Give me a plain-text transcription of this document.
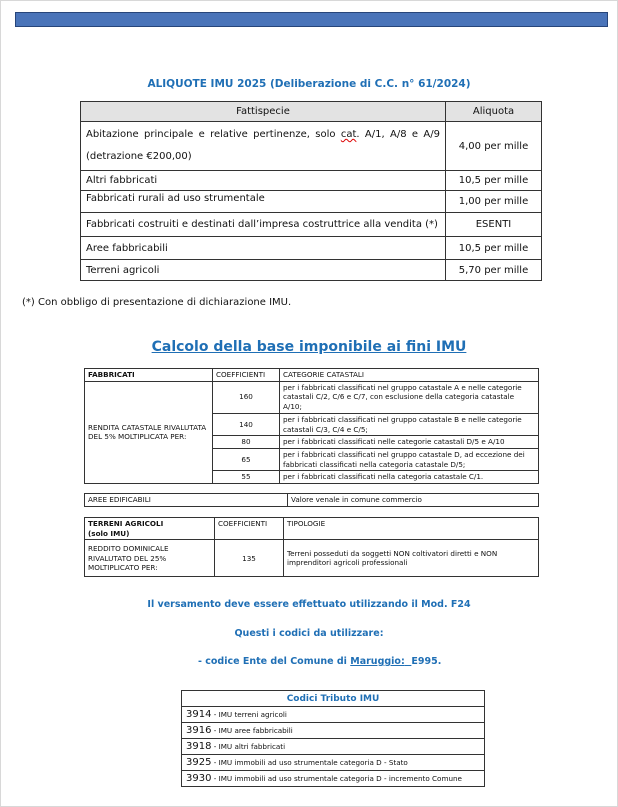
ALIQUOTE IMU 2025 (Deliberazione di C.C. n° 61/2024)
Fattispecie	Aliquota

Abitazione principale e relative pertinenze, solo cat. A/1, A/8 e A/9
(detrazione €200,00)
	4,00 per mille
Altri fabbricati	10,5 per mille
Fabbricati rurali ad uso strumentale	1,00 per mille
Fabbricati costruiti e destinati dall’impresa costruttrice alla vendita (*)	ESENTI
Aree fabbricabili	10,5 per mille
Terreni agricoli	5,70 per mille
(*) Con obbligo di presentazione di dichiarazione IMU.
Calcolo della base imponibile ai fini IMU
FABBRICATI	COEFFICIENTI	CATEGORIE CATASTALI
RENDITA CATASTALE RIVALUTATA DEL 5% MOLTIPLICATA PER:	160	per i fabbricati classificati nel gruppo catastale A e nelle categorie catastali C/2, C/6 e C/7, con esclusione della categoria catastale A/10;
140	per i fabbricati classificati nel gruppo catastale B e nelle categorie catastali C/3, C/4 e C/5;
80	per i fabbricati classificati nelle categorie catastali D/5 e A/10
65	per i fabbricati classificati nel gruppo catastale D, ad eccezione dei fabbricati classificati nella categoria catastale D/5;
55	per i fabbricati classificati nella categoria catastale C/1.
AREE EDIFICABILI	Valore venale in comune commercio
TERRENI AGRICOLI
(solo IMU)
	COEFFICIENTI	TIPOLOGIE
REDDITO DOMINICALE RIVALUTATO DEL 25% MOLTIPLICATO PER:	135	Terreni posseduti da soggetti NON coltivatori diretti e NON imprenditori agricoli professionali
Il versamento deve essere effettuato utilizzando il Mod. F24
Questi i codici da utilizzare:
- codice Ente del Comune di Maruggio: E995.
Codici Tributo IMU
3914 - IMU terreni agricoli
3916 - IMU aree fabbricabili
3918 - IMU altri fabbricati
3925 - IMU immobili ad uso strumentale categoria D - Stato
3930 - IMU immobili ad uso strumentale categoria D - incremento Comune
